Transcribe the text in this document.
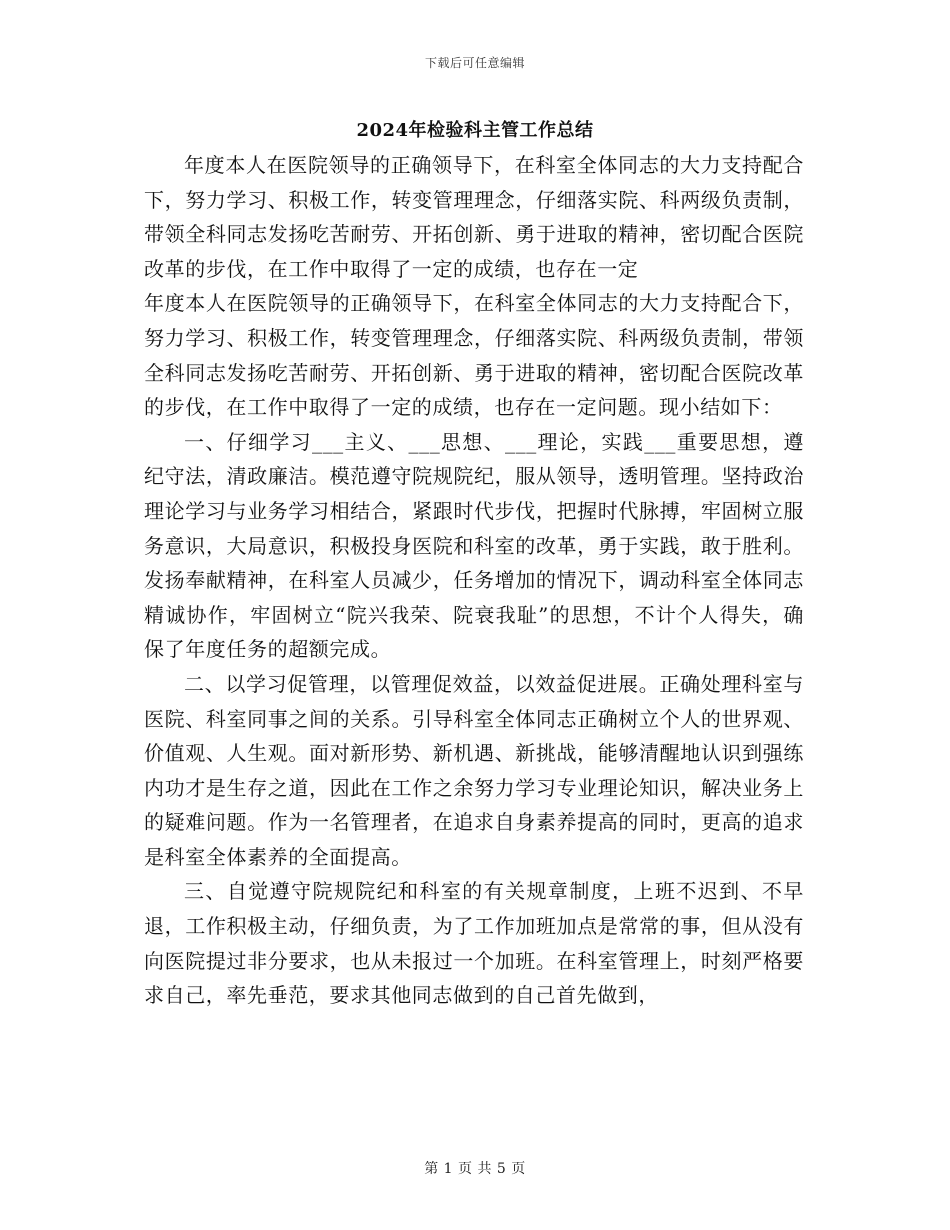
下载后可任意编辑
2024年检验科主管工作总结

年度本人在医院领导的正确领导下，在科室全体同志的大力支持配合下，努力学习、积极工作，转变管理理念，仔细落实院、科两级负责制，带领全科同志发扬吃苦耐劳、开拓创新、勇于进取的精神，密切配合医院改革的步伐，在工作中取得了一定的成绩，也存在一定

年度本人在医院领导的正确领导下，在科室全体同志的大力支持配合下，努力学习、积极工作，转变管理理念，仔细落实院、科两级负责制，带领全科同志发扬吃苦耐劳、开拓创新、勇于进取的精神，密切配合医院改革的步伐，在工作中取得了一定的成绩，也存在一定问题。现小结如下：

一、仔细学习___主义、___思想、___理论，实践___重要思想，遵纪守法，清政廉洁。模范遵守院规院纪，服从领导，透明管理。坚持政治理论学习与业务学习相结合，紧跟时代步伐，把握时代脉搏，牢固树立服务意识，大局意识，积极投身医院和科室的改革，勇于实践，敢于胜利。发扬奉献精神，在科室人员减少，任务增加的情况下，调动科室全体同志精诚协作，牢固树立“院兴我荣、院衰我耻”的思想，不计个人得失，确保了年度任务的超额完成。

二、以学习促管理，以管理促效益，以效益促进展。正确处理科室与医院、科室同事之间的关系。引导科室全体同志正确树立个人的世界观、价值观、人生观。面对新形势、新机遇、新挑战，能够清醒地认识到强练内功才是生存之道，因此在工作之余努力学习专业理论知识，解决业务上的疑难问题。作为一名管理者，在追求自身素养提高的同时，更高的追求是科室全体素养的全面提高。

三、自觉遵守院规院纪和科室的有关规章制度，上班不迟到、不早退，工作积极主动，仔细负责，为了工作加班加点是常常的事，但从没有向医院提过非分要求，也从未报过一个加班。在科室管理上，时刻严格要求自己，率先垂范，要求其他同志做到的自己首先做到，

第 1 页 共 5 页
